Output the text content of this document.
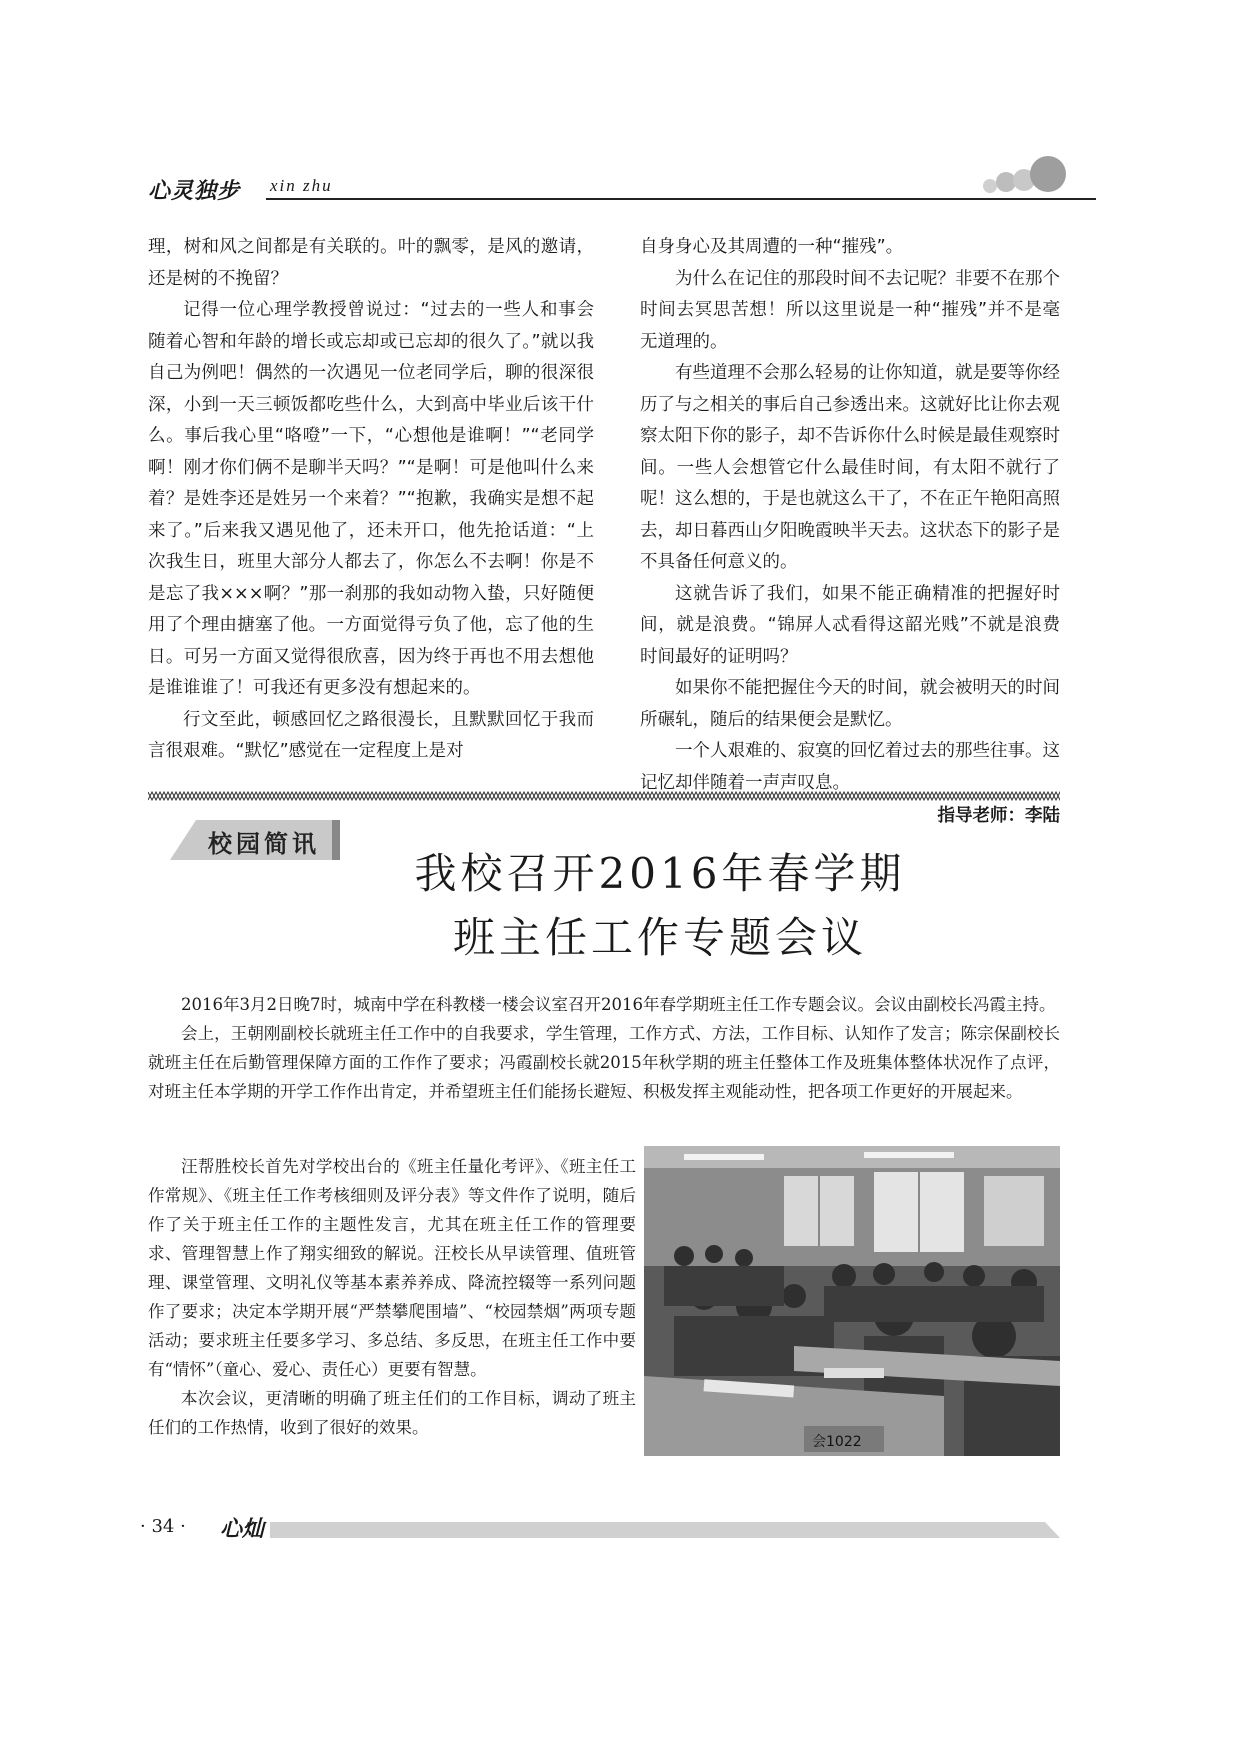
心灵独步 xin zhu

理，树和风之间都是有关联的。叶的飘零，是风的邀请，还是树的不挽留？

记得一位心理学教授曾说过：“过去的一些人和事会随着心智和年龄的增长或忘却或已忘却的很久了。”就以我自己为例吧！偶然的一次遇见一位老同学后，聊的很深很深，小到一天三顿饭都吃些什么，大到高中毕业后该干什么。事后我心里“咯噔”一下，“心想他是谁啊！”“老同学啊！刚才你们俩不是聊半天吗？”“是啊！可是他叫什么来着？是姓李还是姓另一个来着？”“抱歉，我确实是想不起来了。”后来我又遇见他了，还未开口，他先抢话道：“上次我生日，班里大部分人都去了，你怎么不去啊！你是不是忘了我×××啊？”那一刹那的我如动物入蛰，只好随便用了个理由搪塞了他。一方面觉得亏负了他，忘了他的生日。可另一方面又觉得很欣喜，因为终于再也不用去想他是谁谁谁了！可我还有更多没有想起来的。

行文至此，顿感回忆之路很漫长，且默默回忆于我而言很艰难。“默忆”感觉在一定程度上是对

自身身心及其周遭的一种“摧残”。

为什么在记住的那段时间不去记呢？非要不在那个时间去冥思苦想！所以这里说是一种“摧残”并不是毫无道理的。

有些道理不会那么轻易的让你知道，就是要等你经历了与之相关的事后自己参透出来。这就好比让你去观察太阳下你的影子，却不告诉你什么时候是最佳观察时间。一些人会想管它什么最佳时间，有太阳不就行了呢！这么想的，于是也就这么干了，不在正午艳阳高照去，却日暮西山夕阳晚霞映半天去。这状态下的影子是不具备任何意义的。

这就告诉了我们，如果不能正确精准的把握好时间，就是浪费。“锦屏人忒看得这韶光贱”不就是浪费时间最好的证明吗？

如果你不能把握住今天的时间，就会被明天的时间所碾轧，随后的结果便会是默忆。

一个人艰难的、寂寞的回忆着过去的那些往事。这记忆却伴随着一声声叹息。

指导老师：李陆

校园简讯
我校召开2016年春学期
班主任工作专题会议

2016年3月2日晚7时，城南中学在科教楼一楼会议室召开2016年春学期班主任工作专题会议。会议由副校长冯霞主持。

会上，王朝刚副校长就班主任工作中的自我要求，学生管理，工作方式、方法，工作目标、认知作了发言；陈宗保副校长就班主任在后勤管理保障方面的工作作了要求；冯霞副校长就2015年秋学期的班主任整体工作及班集体整体状况作了点评，对班主任本学期的开学工作作出肯定，并希望班主任们能扬长避短、积极发挥主观能动性，把各项工作更好的开展起来。

汪帮胜校长首先对学校出台的《班主任量化考评》、《班主任工作常规》、《班主任工作考核细则及评分表》等文件作了说明，随后作了关于班主任工作的主题性发言，尤其在班主任工作的管理要求、管理智慧上作了翔实细致的解说。汪校长从早读管理、值班管理、课堂管理、文明礼仪等基本素养养成、降流控辍等一系列问题作了要求；决定本学期开展“严禁攀爬围墙”、“校园禁烟”两项专题活动；要求班主任要多学习、多总结、多反思，在班主任工作中要有“情怀”（童心、爱心、责任心）更要有智慧。

本次会议，更清晰的明确了班主任们的工作目标，调动了班主任们的工作热情，收到了很好的效果。

会1022
· 34 · 心灿
